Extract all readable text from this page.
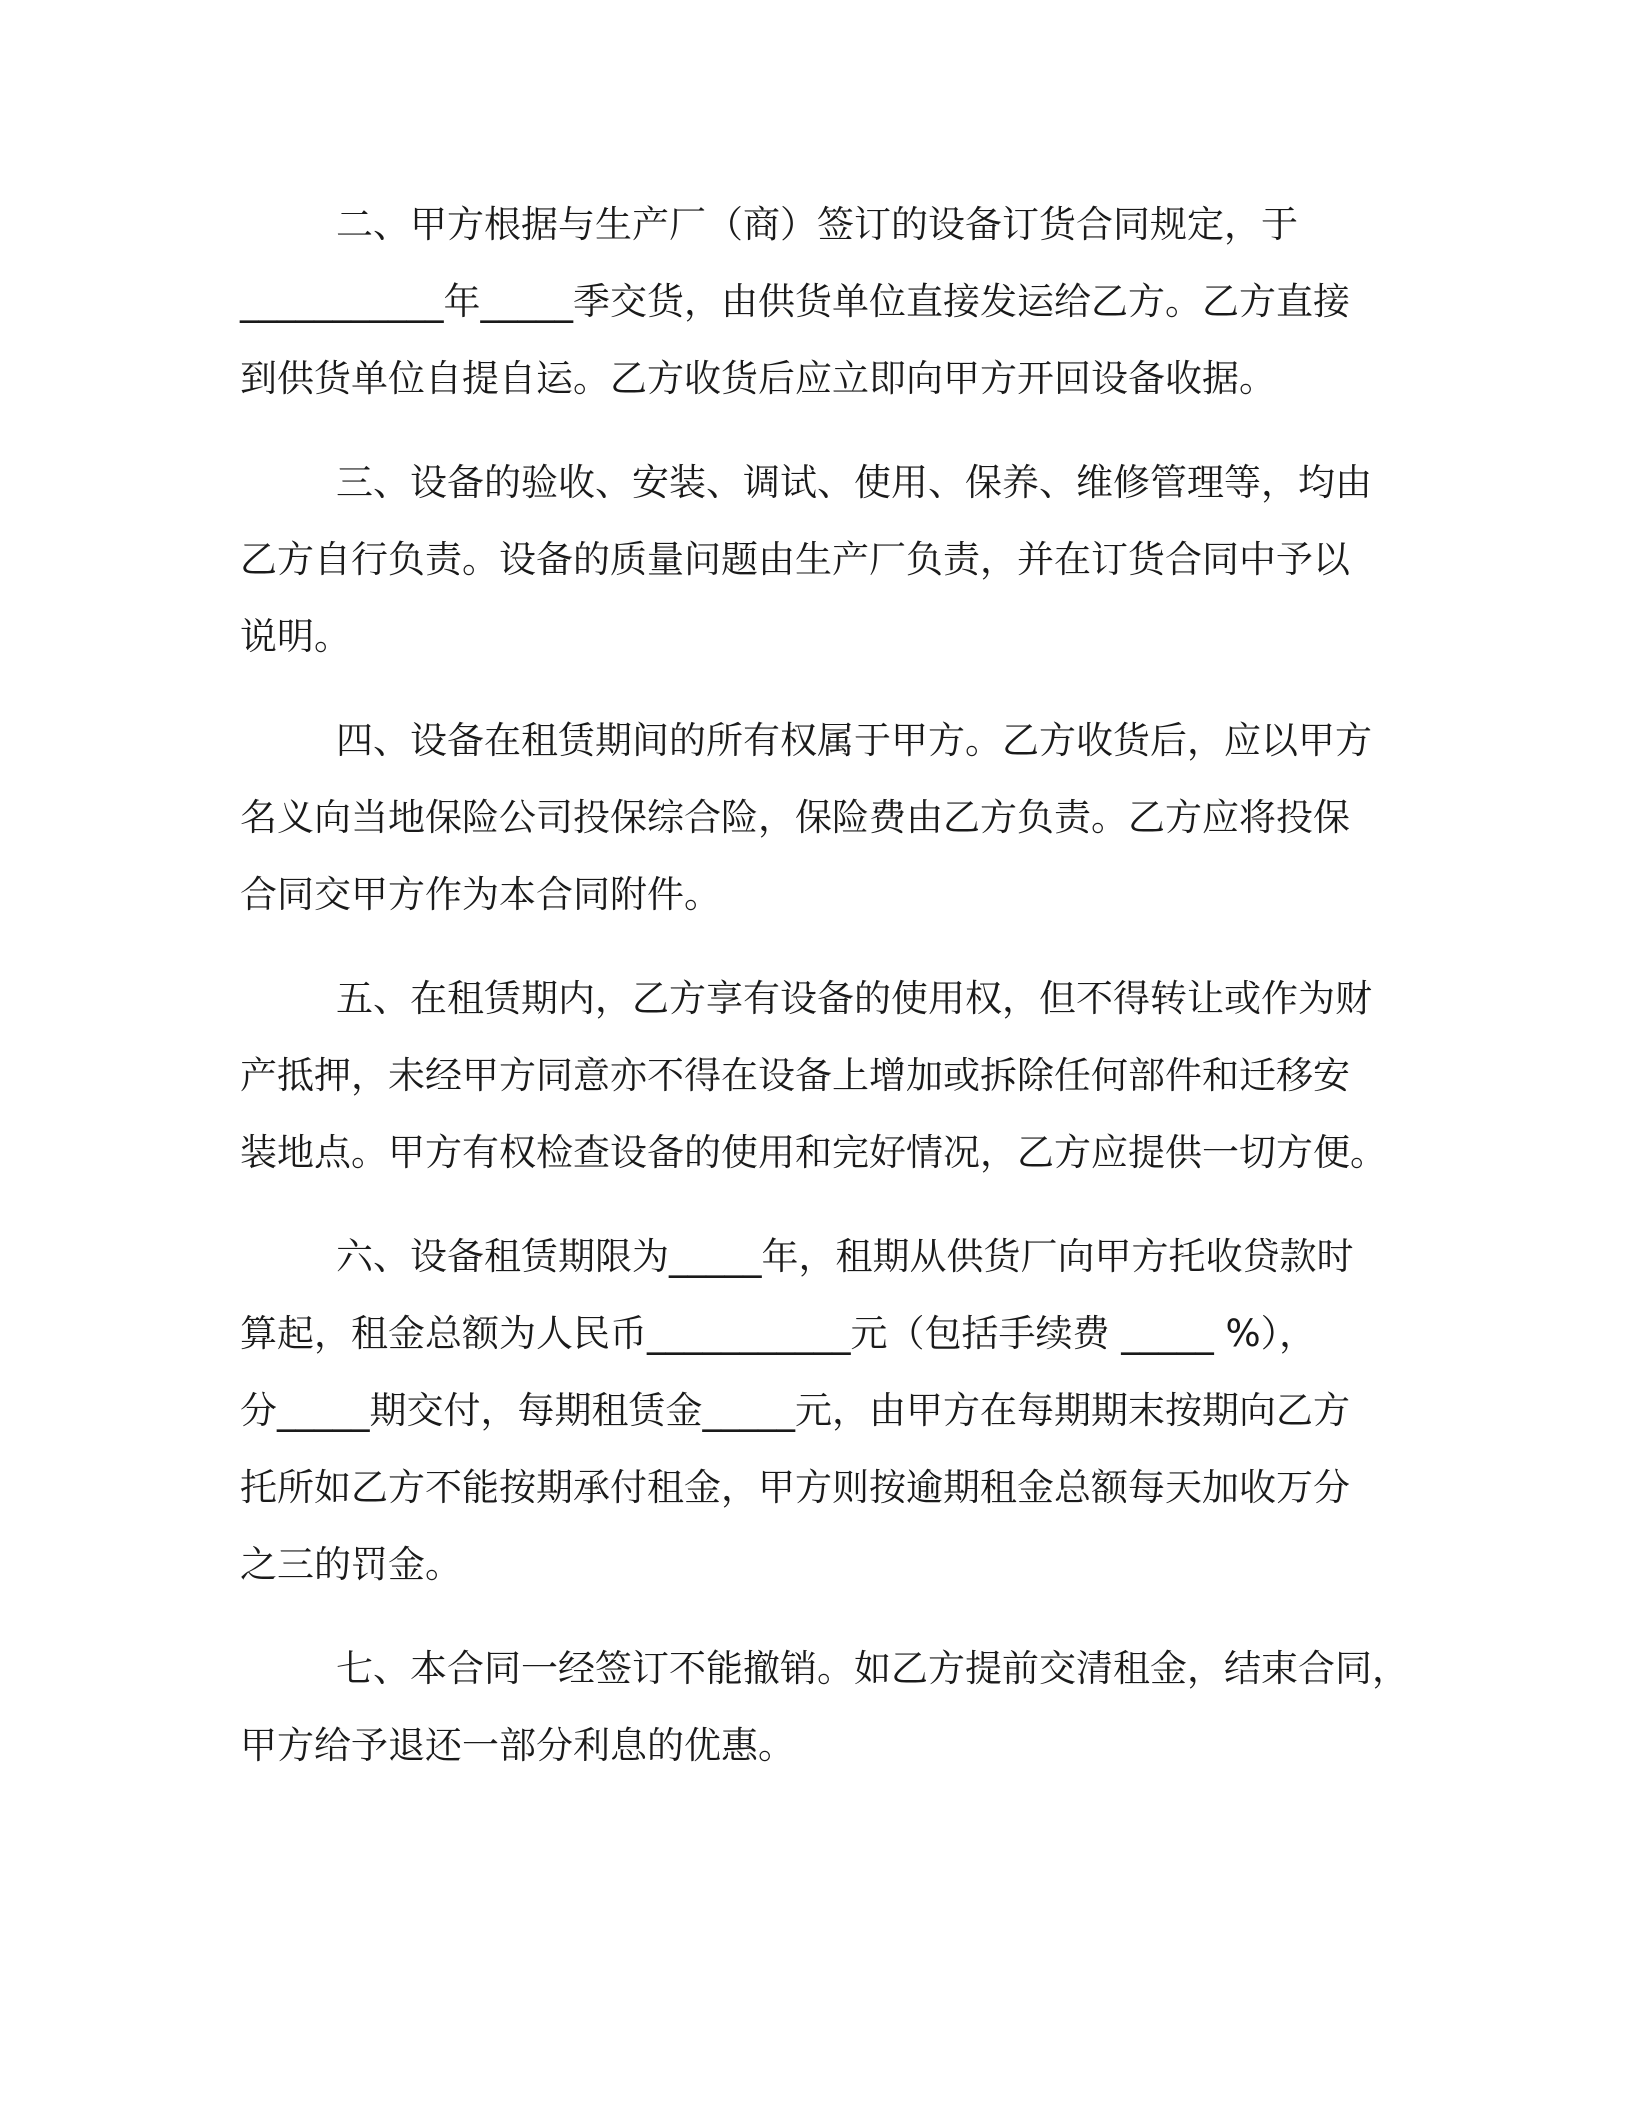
二、甲方根据与生产厂（商）签订的设备订货合同规定，于
___________年_____季交货，由供货单位直接发运给乙方。乙方直接
到供货单位自提自运。乙方收货后应立即向甲方开回设备收据。

三、设备的验收、安装、调试、使用、保养、维修管理等，均由
乙方自行负责。设备的质量问题由生产厂负责，并在订货合同中予以
说明。

四、设备在租赁期间的所有权属于甲方。乙方收货后，应以甲方
名义向当地保险公司投保综合险，保险费由乙方负责。乙方应将投保
合同交甲方作为本合同附件。

五、在租赁期内，乙方享有设备的使用权，但不得转让或作为财
产抵押，未经甲方同意亦不得在设备上增加或拆除任何部件和迁移安
装地点。甲方有权检查设备的使用和完好情况，乙方应提供一切方便。

六、设备租赁期限为_____年，租期从供货厂向甲方托收贷款时
算起，租金总额为人民币___________元（包括手续费 _____ %），
分_____期交付，每期租赁金_____元，由甲方在每期期末按期向乙方
托所如乙方不能按期承付租金，甲方则按逾期租金总额每天加收万分
之三的罚金。

七、本合同一经签订不能撤销。如乙方提前交清租金，结束合同，
甲方给予退还一部分利息的优惠。
